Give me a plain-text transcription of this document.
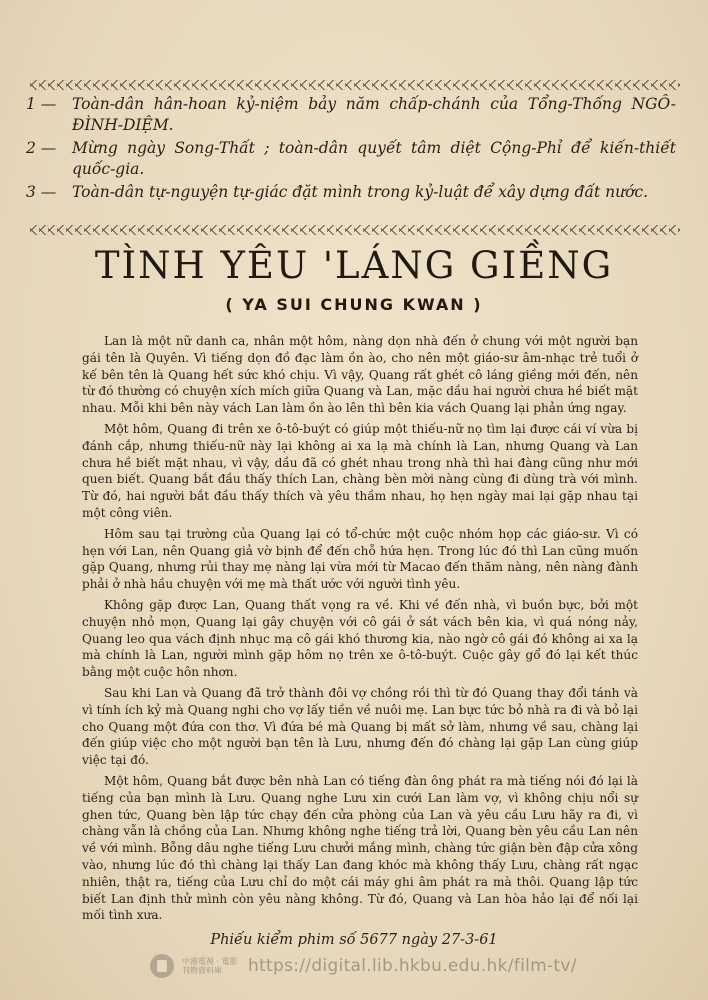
1 —	Toàn-dân hân-hoan kỷ-niệm bảy năm chấp-chánh của Tổng-Thống NGÔ-ĐÌNH-DIỆM.
2 —	Mừng ngày Song-Thất ; toàn-dân quyết tâm diệt Cộng-Phỉ để kiến-thiết quốc-gia.
3 —	Toàn-dân tự-nguyện tự-giác đặt mình trong kỷ-luật để xây dựng đất nước.
TÌNH YÊU 'LÁNG GIỀNG
( YA SUI CHUNG KWAN )

Lan là một nữ danh ca, nhân một hôm, nàng dọn nhà đến ở chung với một người bạn gái tên là Quyên. Vì tiếng dọn đồ đạc làm ồn ào, cho nên một giáo-sư âm-nhạc trẻ tuổi ở kế bên tên là Quang hết sức khó chịu. Vì vậy, Quang rất ghét cô láng giềng mới đến, nên từ đó thường có chuyện xích mích giữa Quang và Lan, mặc dầu hai người chưa hề biết mặt nhau. Mỗi khi bên này vách Lan làm ồn ào lên thì bên kia vách Quang lại phản ứng ngay.

Một hôm, Quang đi trên xe ô-tô-buýt có giúp một thiếu-nữ nọ tìm lại được cái ví vừa bị đánh cắp, nhưng thiếu-nữ này lại không ai xa lạ mà chính là Lan, nhưng Quang và Lan chưa hề biết mặt nhau, vì vậy, dầu đã có ghét nhau trong nhà thì hai đàng cũng như mới quen biết. Quang bắt đầu thấy thích Lan, chàng bèn mời nàng cùng đi dùng trà với mình. Từ đó, hai người bắt đầu thấy thích và yêu thầm nhau, họ hẹn ngày mai lại gặp nhau tại một công viên.

Hôm sau tại trường của Quang lại có tổ-chức một cuộc nhóm họp các giáo-sư. Vì có hẹn với Lan, nên Quang giả vờ bịnh để đến chỗ hứa hẹn. Trong lúc đó thì Lan cũng muốn gặp Quang, nhưng rủi thay mẹ nàng lại vừa mới từ Macao đến thăm nàng, nên nàng đành phải ở nhà hầu chuyện với mẹ mà thất ước với người tình yêu.

Không gặp được Lan, Quang thất vọng ra về. Khi về đến nhà, vì buồn bực, bởi một chuyện nhỏ mọn, Quang lại gây chuyện với cô gái ở sát vách bên kia, vì quá nóng nảy, Quang leo qua vách định nhục mạ cô gái khó thương kia, nào ngờ cô gái đó không ai xa lạ mà chính là Lan, người mình gặp hôm nọ trên xe ô-tô-buýt. Cuộc gây gổ đó lại kết thúc bằng một cuộc hôn nhơn.

Sau khi Lan và Quang đã trở thành đôi vợ chồng rồi thì từ đó Quang thay đổi tánh và vì tính ích kỷ mà Quang nghi cho vợ lấy tiền về nuôi mẹ. Lan bực tức bỏ nhà ra đi và bỏ lại cho Quang một đứa con thơ. Vì đứa bé mà Quang bị mất sở làm, nhưng về sau, chàng lại đến giúp việc cho một người bạn tên là Lưu, nhưng đến đó chàng lại gặp Lan cùng giúp việc tại đó.

Một hôm, Quang bắt được bên nhà Lan có tiếng đàn ông phát ra mà tiếng nói đó lại là tiếng của bạn mình là Lưu. Quang nghe Lưu xin cưới Lan làm vợ, vì không chịu nổi sự ghen tức, Quang bèn lập tức chạy đến cửa phòng của Lan và yêu cầu Lưu hãy ra đi, vì chàng vẫn là chồng của Lan. Nhưng không nghe tiếng trả lời, Quang bèn yêu cầu Lan nên về với mình. Bỗng dâu nghe tiếng Lưu chưởi mắng mình, chàng tức giận bèn đập cửa xông vào, nhưng lúc đó thì chàng lại thấy Lan đang khóc mà không thấy Lưu, chàng rất ngạc nhiên, thật ra, tiếng của Lưu chỉ do một cái máy ghi âm phát ra mà thôi. Quang lập tức biết Lan định thử mình còn yêu nàng không. Từ đó, Quang và Lan hòa hảo lại để nối lại mối tình xưa.

Phiếu kiểm phim số 5677 ngày 27-3-61
中港電視 · 電影 刊物資料庫	https://digital.lib.hkbu.edu.hk/film-tv/
